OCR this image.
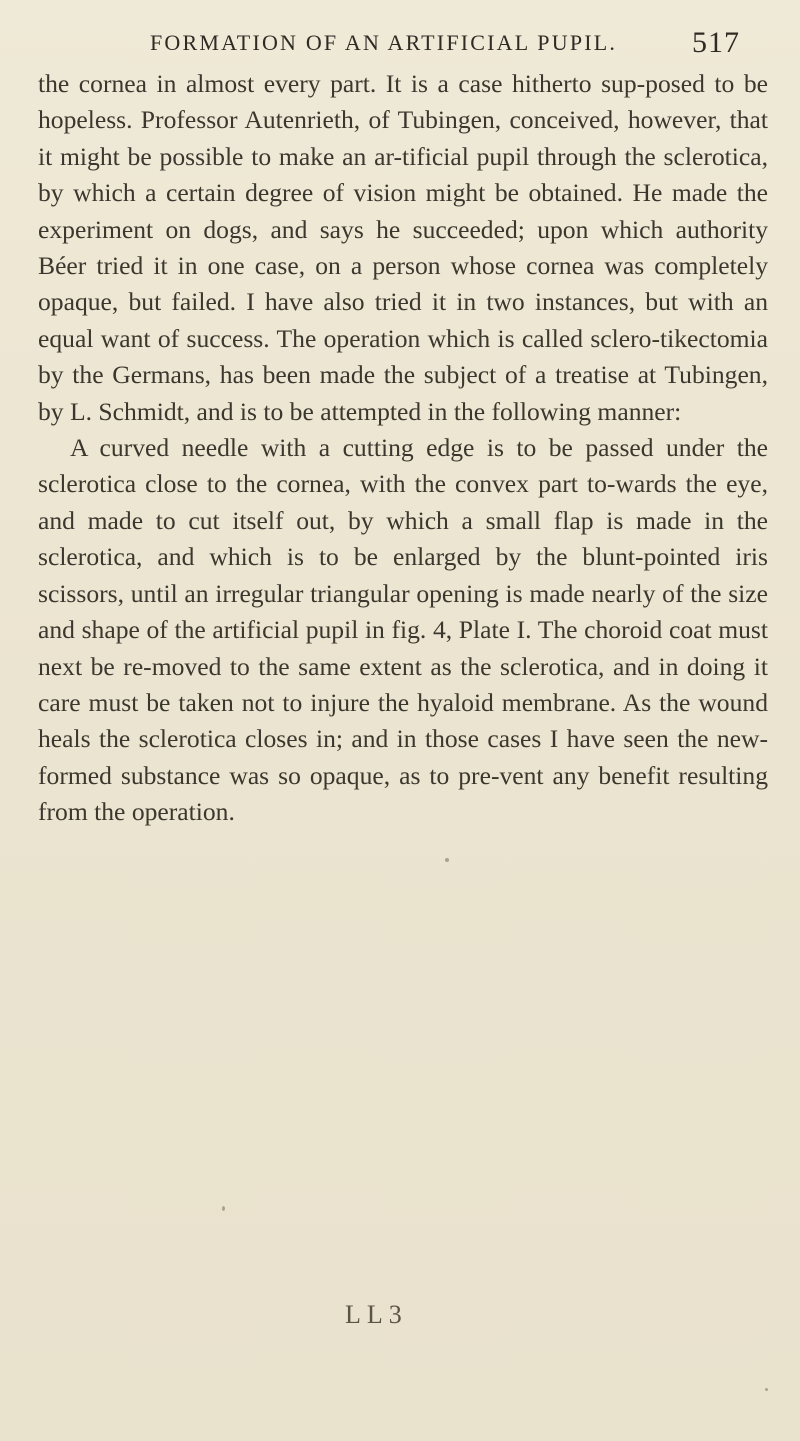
FORMATION OF AN ARTIFICIAL PUPIL. 517

the cornea in almost every part. It is a case hitherto sup-posed to be hopeless. Professor Autenrieth, of Tubingen, conceived, however, that it might be possible to make an ar-tificial pupil through the sclerotica, by which a certain degree of vision might be obtained. He made the experiment on dogs, and says he succeeded; upon which authority Béer tried it in one case, on a person whose cornea was completely opaque, but failed. I have also tried it in two instances, but with an equal want of success. The operation which is called sclero-tikectomia by the Germans, has been made the subject of a treatise at Tubingen, by L. Schmidt, and is to be attempted in the following manner:

A curved needle with a cutting edge is to be passed under the sclerotica close to the cornea, with the convex part to-wards the eye, and made to cut itself out, by which a small flap is made in the sclerotica, and which is to be enlarged by the blunt-pointed iris scissors, until an irregular triangular opening is made nearly of the size and shape of the artificial pupil in fig. 4, Plate I. The choroid coat must next be re-moved to the same extent as the sclerotica, and in doing it care must be taken not to injure the hyaloid membrane. As the wound heals the sclerotica closes in; and in those cases I have seen the new-formed substance was so opaque, as to pre-vent any benefit resulting from the operation.

LL3
